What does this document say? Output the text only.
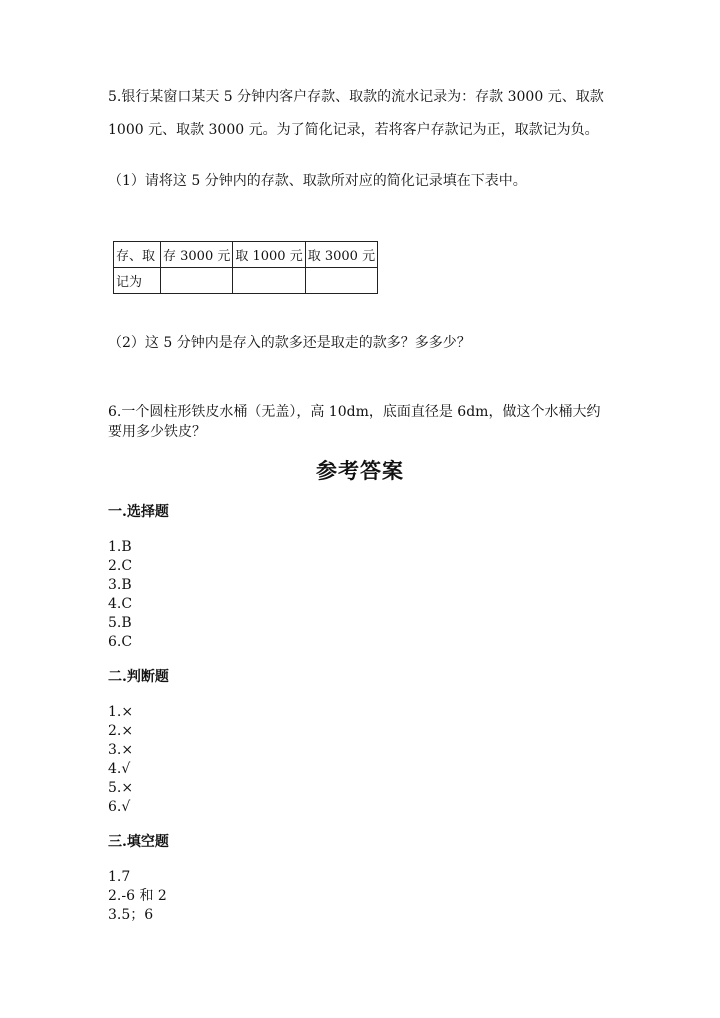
5.银行某窗口某天 5 分钟内客户存款、取款的流水记录为：存款 3000 元、取款
1000 元、取款 3000 元。为了简化记录，若将客户存款记为正，取款记为负。
（1）请将这 5 分钟内的存款、取款所对应的简化记录填在下表中。
存、取	存 3000 元	取 1000 元	取 3000 元
记为			
（2）这 5 分钟内是存入的款多还是取走的款多？多多少？
6.一个圆柱形铁皮水桶（无盖），高 10dm，底面直径是 6dm，做这个水桶大约
要用多少铁皮？
参考答案
一.选择题
1.B
2.C
3.B
4.C
5.B
6.C
二.判断题
1.×
2.×
3.×
4.√
5.×
6.√
三.填空题
1.7
2.-6 和 2
3.5；6
